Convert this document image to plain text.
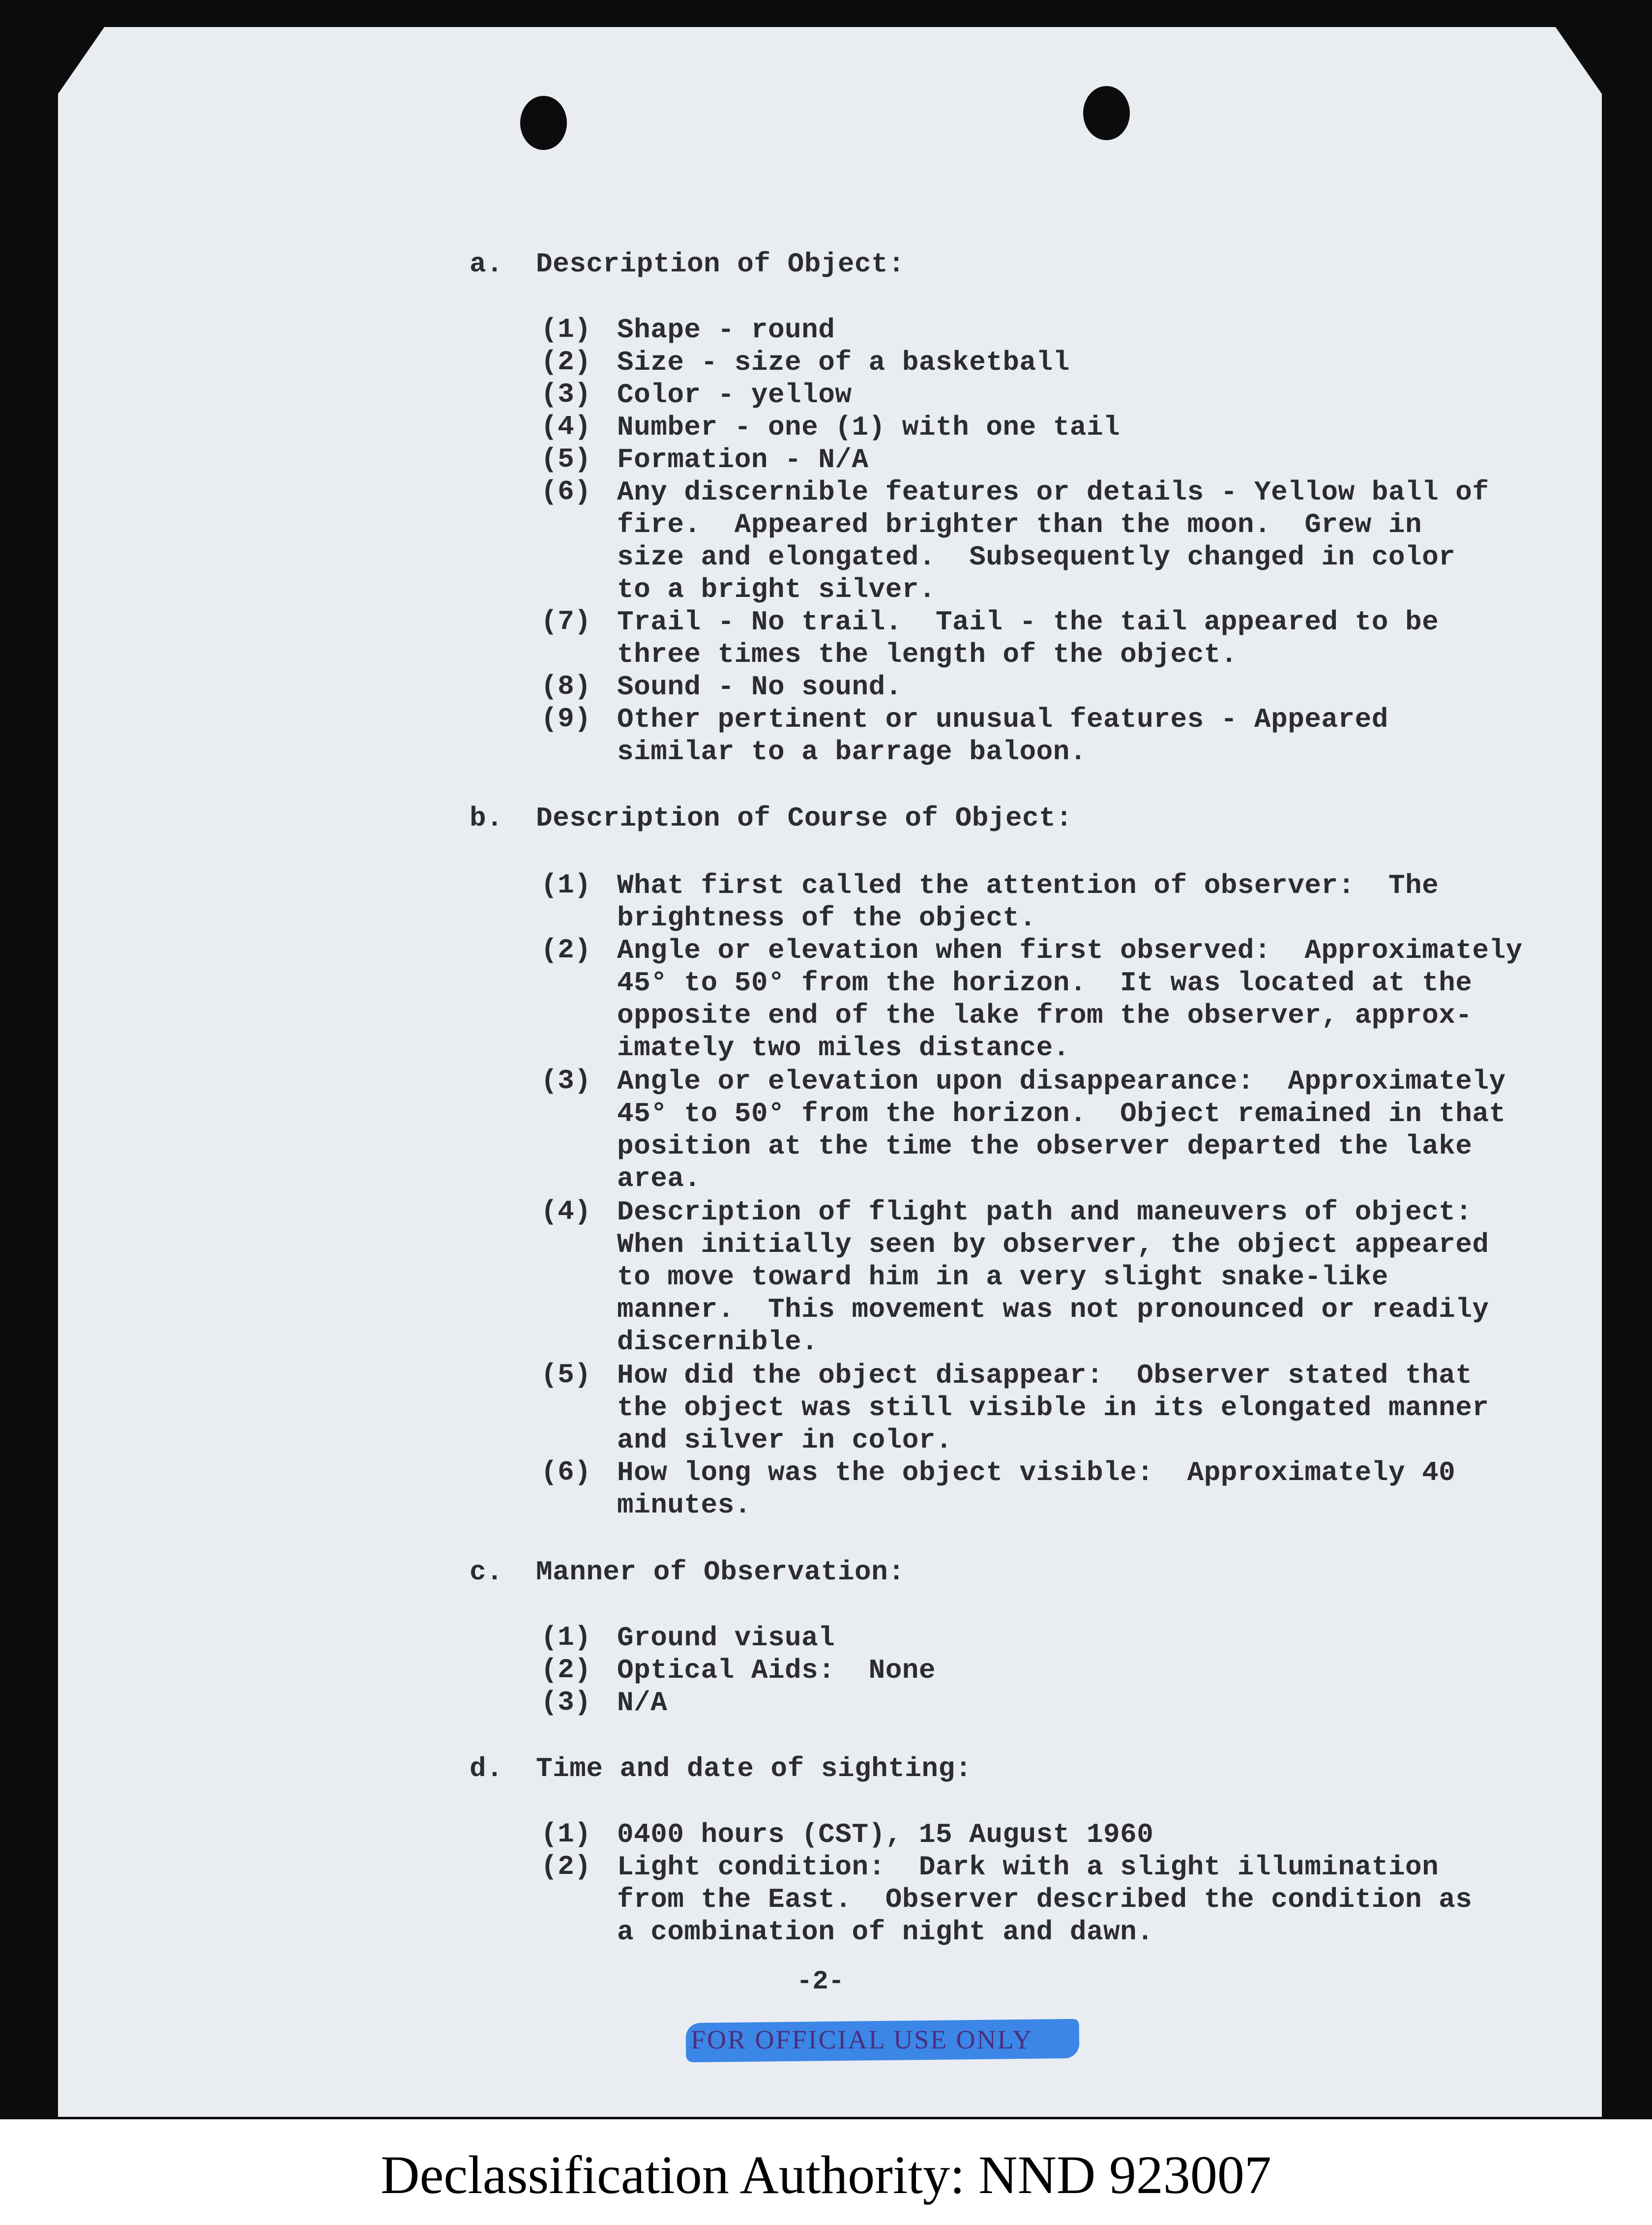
a. Description of Object:
(1) Shape - round
(2) Size - size of a basketball
(3) Color - yellow
(4) Number - one (1) with one tail
(5) Formation - N/A
(6) Any discernible features or details - Yellow ball of
fire.  Appeared brighter than the moon.  Grew in
size and elongated.  Subsequently changed in color
to a bright silver.
(7) Trail - No trail.  Tail - the tail appeared to be
three times the length of the object.
(8) Sound - No sound.
(9) Other pertinent or unusual features - Appeared
similar to a barrage baloon.
b. Description of Course of Object:
(1) What first called the attention of observer:  The
brightness of the object.
(2) Angle or elevation when first observed:  Approximately
45° to 50° from the horizon.  It was located at the
opposite end of the lake from the observer, approx-
imately two miles distance.
(3) Angle or elevation upon disappearance:  Approximately
45° to 50° from the horizon.  Object remained in that
position at the time the observer departed the lake
area.
(4) Description of flight path and maneuvers of object:
When initially seen by observer, the object appeared
to move toward him in a very slight snake-like
manner.  This movement was not pronounced or readily
discernible.
(5) How did the object disappear:  Observer stated that
the object was still visible in its elongated manner
and silver in color.
(6) How long was the object visible:  Approximately 40
minutes.
c. Manner of Observation:
(1) Ground visual
(2) Optical Aids:  None
(3) N/A
d. Time and date of sighting:
(1) 0400 hours (CST), 15 August 1960
(2) Light condition:  Dark with a slight illumination
from the East.  Observer described the condition as
a combination of night and dawn.
-2-
FOR OFFICIAL USE ONLY
Declassification Authority: NND 923007
